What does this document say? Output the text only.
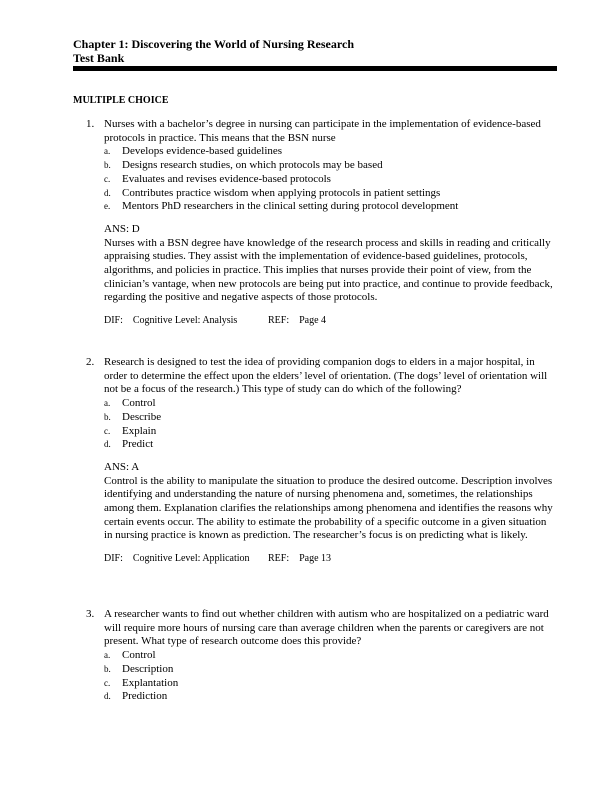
Chapter 1: Discovering the World of Nursing Research

Test Bank

MULTIPLE CHOICE
1. Nurses with a bachelor’s degree in nursing can participate in the implementation of evidence-based protocols in practice. This means that the BSN nurse
a. Develops evidence-based guidelines
b. Designs research studies, on which protocols may be based
c. Evaluates and revises evidence-based protocols
d. Contributes practice wisdom when applying protocols in patient settings
e. Mentors PhD researchers in the clinical setting during protocol development

ANS: D

Nurses with a BSN degree have knowledge of the research process and skills in reading and critically appraising studies. They assist with the implementation of evidence-based guidelines, protocols, algorithms, and policies in practice. This implies that nurses provide their point of view, from the clinician’s vantage, when new protocols are being put into practice, and continue to provide feedback, regarding the positive and negative aspects of those protocols.

DIF:    Cognitive Level: Analysis	REF:    Page 4
2. Research is designed to test the idea of providing companion dogs to elders in a major hospital, in order to determine the effect upon the elders’ level of orientation. (The dogs’ level of orientation will not be a focus of the research.) This type of study can do which of the following?
a. Control
b. Describe
c. Explain
d. Predict

ANS: A

Control is the ability to manipulate the situation to produce the desired outcome. Description involves identifying and understanding the nature of nursing phenomena and, sometimes, the relationships among them. Explanation clarifies the relationships among phenomena and identifies the reasons why certain events occur. The ability to estimate the probability of a specific outcome in a given situation in nursing practice is known as prediction. The researcher’s focus is on predicting what is likely.

DIF:    Cognitive Level: Application REF:    Page 13
3. A researcher wants to find out whether children with autism who are hospitalized on a pediatric ward will require more hours of nursing care than average children when the parents or caregivers are not present. What type of research outcome does this provide?
a. Control
b. Description
c. Explantation
d. Prediction
